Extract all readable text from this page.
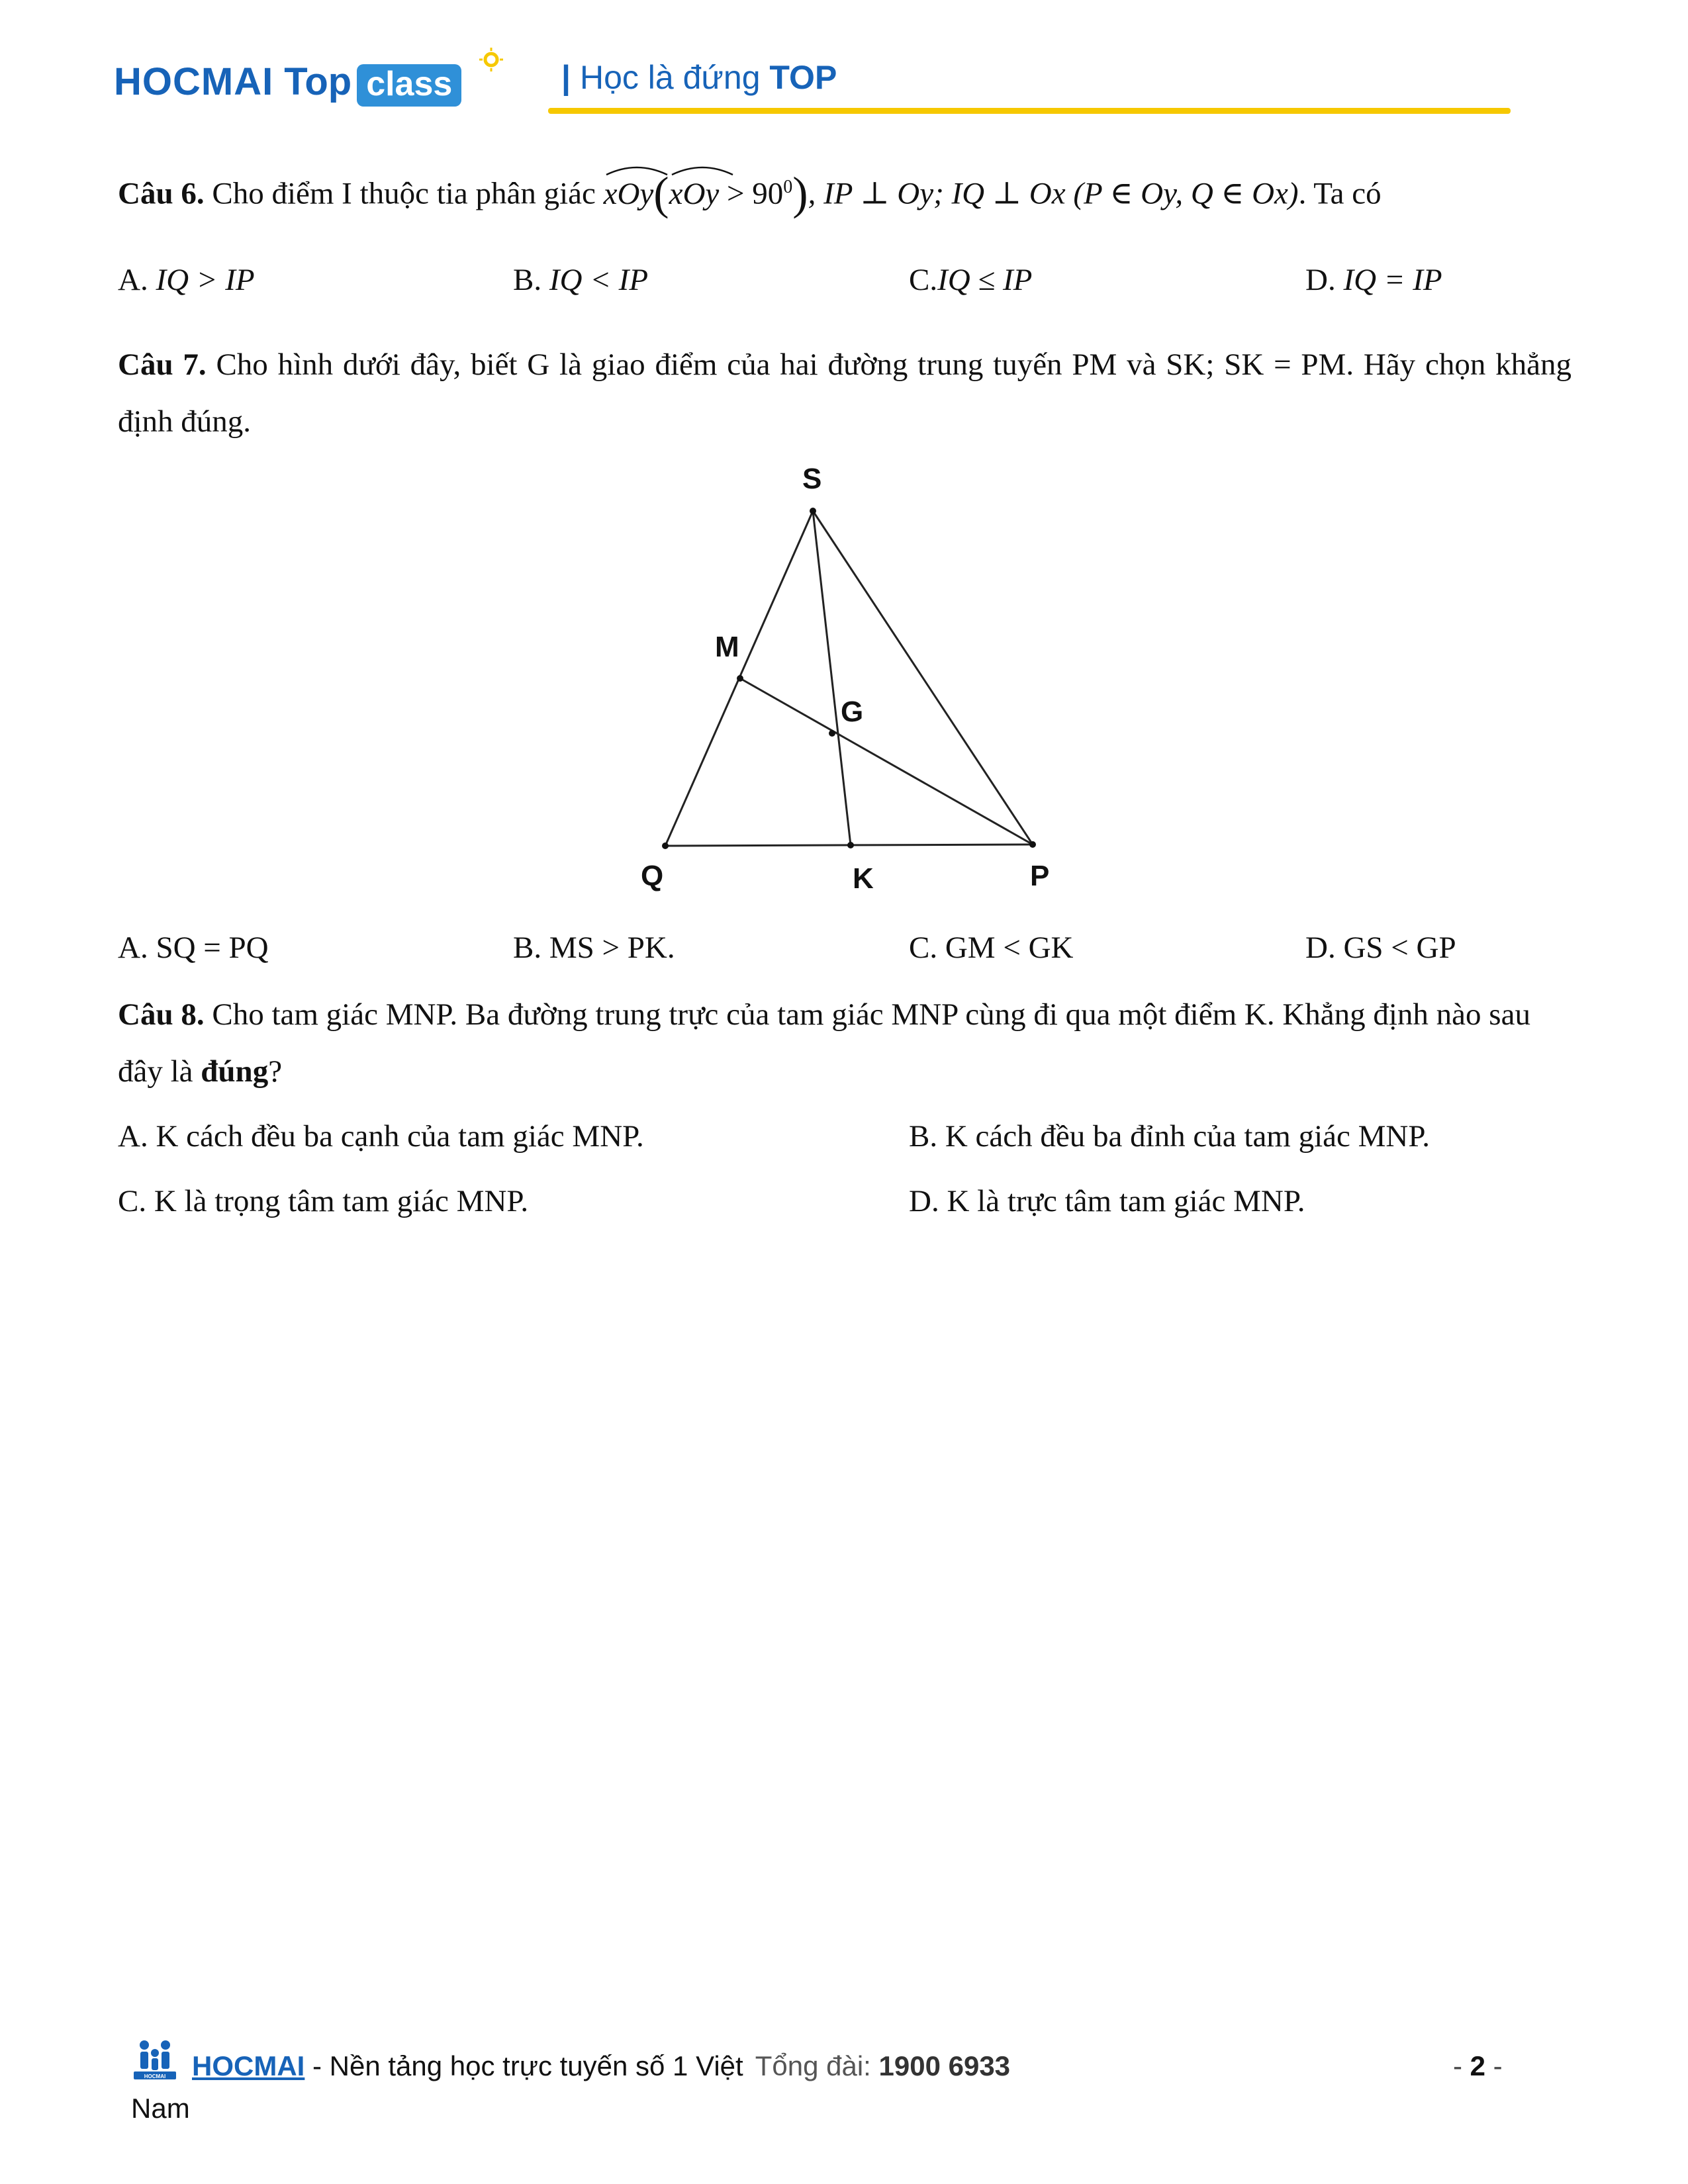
HOCMAI Top class	| Học là đứng TOP
Câu 6. Cho điểm I thuộc tia phân giác xOy(
xOy > $90^0$), IP ⊥ Oy; IQ ⊥ Ox (P ∈ Oy, Q ∈ Ox). Ta có
A. IQ > IP	B. IQ < IP	C.IQ ≤ IP	D. IQ = IP
Câu 7. Cho hình dưới đây, biết G là giao điểm của hai đường trung tuyến PM và SK; SK = PM. Hãy chọn khẳng định đúng.
S
M
G
Q	K	P
A. SQ = PQ	B. MS > PK.	C. GM < GK	D. GS < GP
Câu 8. Cho tam giác MNP. Ba đường trung trực của tam giác MNP cùng đi qua một điểm K. Khẳng định nào sau đây là đúng?
A. K cách đều ba cạnh của tam giác MNP.	B. K cách đều ba đỉnh của tam giác MNP.
C. K là trọng tâm tam giác MNP.	D. K là trực tâm tam giác MNP.
HOCMAI HOCMAI - Nền tảng học trực tuyến số 1 Việt Tổng đài: 1900 6933	- 2 -
Nam
